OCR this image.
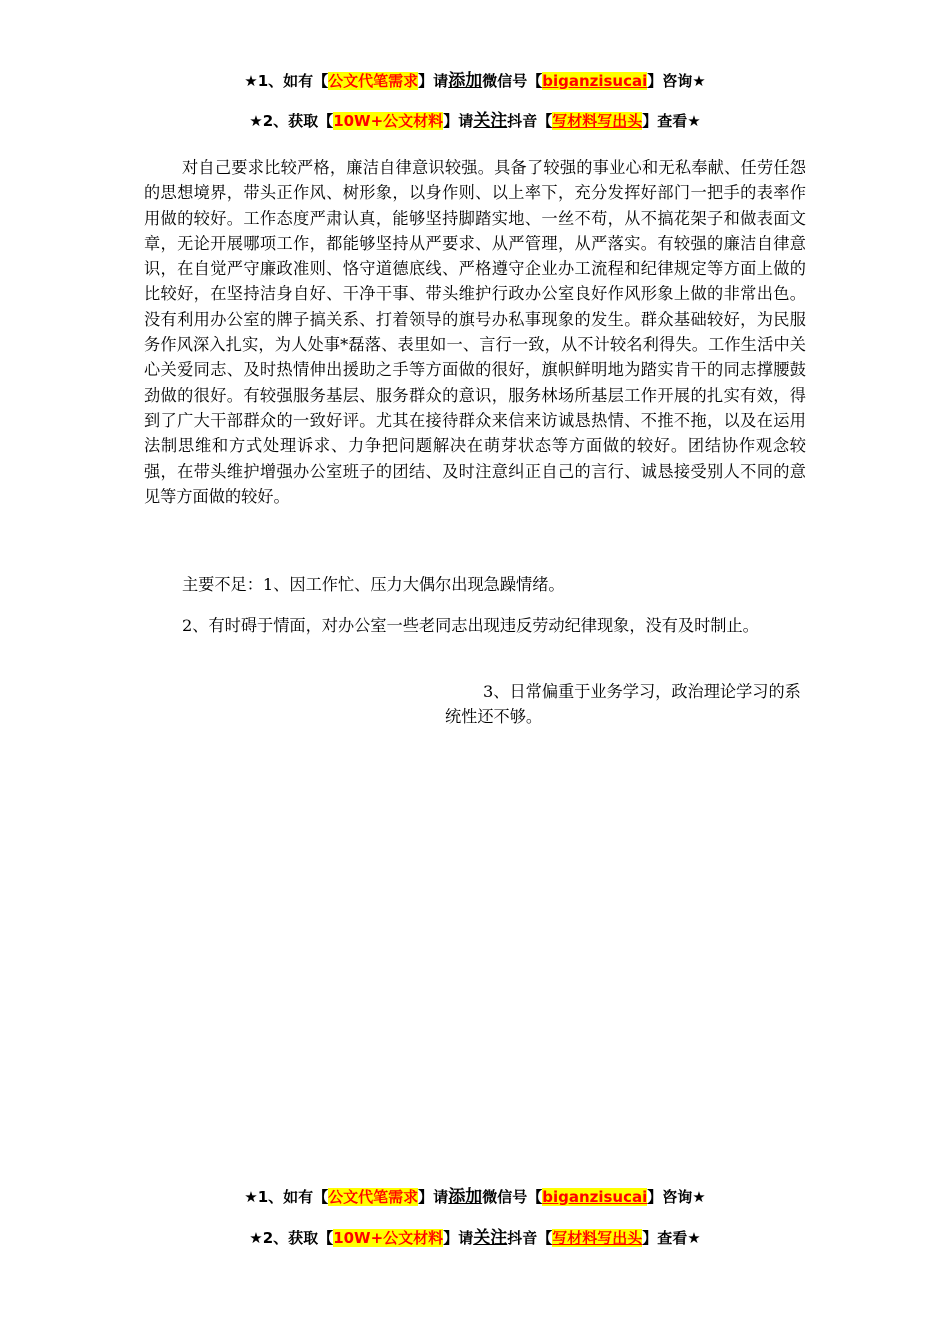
★1、如有【公文代笔需求】请添加微信号【biganzisucai】咨询★
★2、获取【10W+公文材料】请关注抖音【写材料写出头】查看★

对自己要求比较严格，廉洁自律意识较强。具备了较强的事业心和无私奉献、任劳任怨的思想境界，带头正作风、树形象，以身作则、以上率下，充分发挥好部门一把手的表率作用做的较好。工作态度严肃认真，能够坚持脚踏实地、一丝不苟，从不搞花架子和做表面文章，无论开展哪项工作，都能够坚持从严要求、从严管理，从严落实。有较强的廉洁自律意识，在自觉严守廉政准则、恪守道德底线、严格遵守企业办工流程和纪律规定等方面上做的比较好，在坚持洁身自好、干净干事、带头维护行政办公室良好作风形象上做的非常出色。没有利用办公室的牌子搞关系、打着领导的旗号办私事现象的发生。群众基础较好，为民服务作风深入扎实，为人处事*磊落、表里如一、言行一致，从不计较名利得失。工作生活中关心关爱同志、及时热情伸出援助之手等方面做的很好，旗帜鲜明地为踏实肯干的同志撑腰鼓劲做的很好。有较强服务基层、服务群众的意识，服务林场所基层工作开展的扎实有效，得到了广大干部群众的一致好评。尤其在接待群众来信来访诚恳热情、不推不拖，以及在运用法制思维和方式处理诉求、力争把问题解决在萌芽状态等方面做的较好。团结协作观念较强，在带头维护增强办公室班子的团结、及时注意纠正自己的言行、诚恳接受别人不同的意见等方面做的较好。

主要不足：1、因工作忙、压力大偶尔出现急躁情绪。

2、有时碍于情面，对办公室一些老同志出现违反劳动纪律现象，没有及时制止。

3、日常偏重于业务学习，政治理论学习的系统性还不够。

★1、如有【公文代笔需求】请添加微信号【biganzisucai】咨询★
★2、获取【10W+公文材料】请关注抖音【写材料写出头】查看★
